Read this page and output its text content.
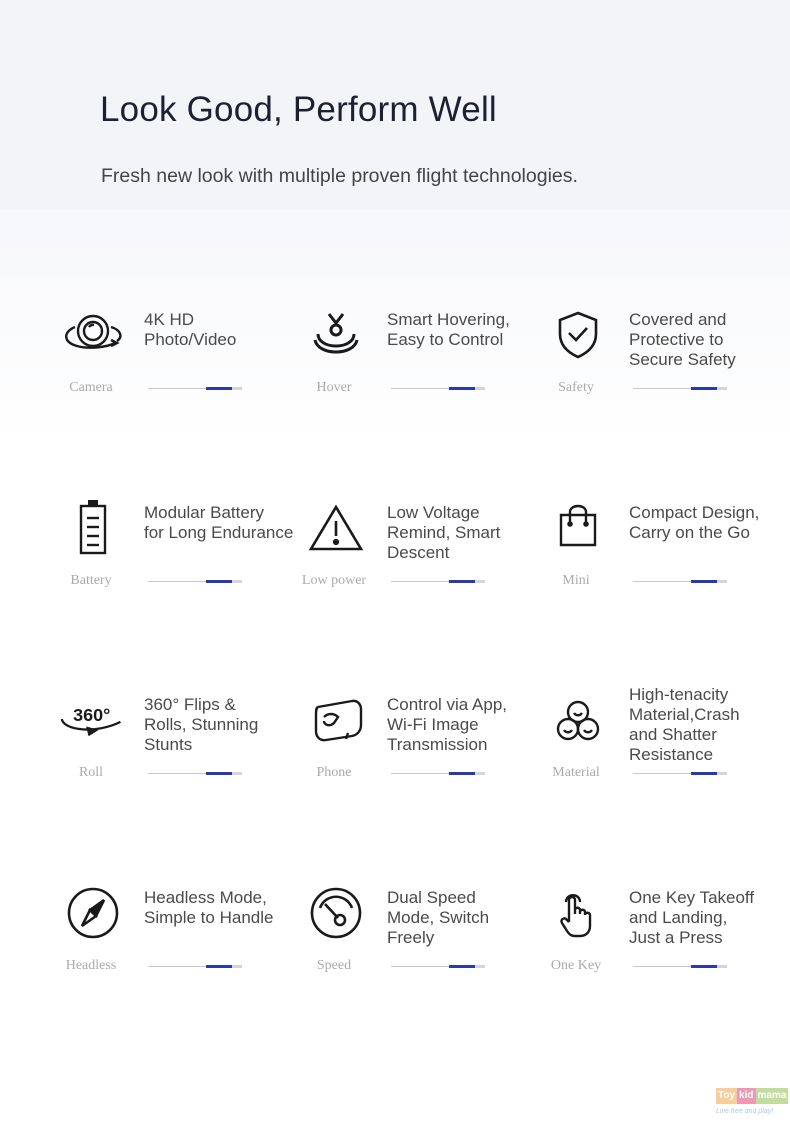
Look Good, Perform Well

Fresh new look with multiple proven flight technologies.

4K HD
Photo/Video
Camera
Smart Hovering,
Easy to Control
Hover
Covered and
Protective to
Secure Safety
Safety
Modular Battery
for Long Endurance
Battery
Low Voltage
Remind, Smart
Descent
Low power
Compact Design,
Carry on the Go
Mini
360°
360° Flips &
Rolls, Stunning
Stunts
Roll
Control via App,
Wi-Fi Image
Transmission
Phone
High-tenacity
Material,Crash
and Shatter
Resistance
Material
Headless Mode,
Simple to Handle
Headless
Dual Speed
Mode, Switch
Freely
Speed
One Key Takeoff
and Landing,
Just a Press
One Key
Toy kid mama
Live free and play!
